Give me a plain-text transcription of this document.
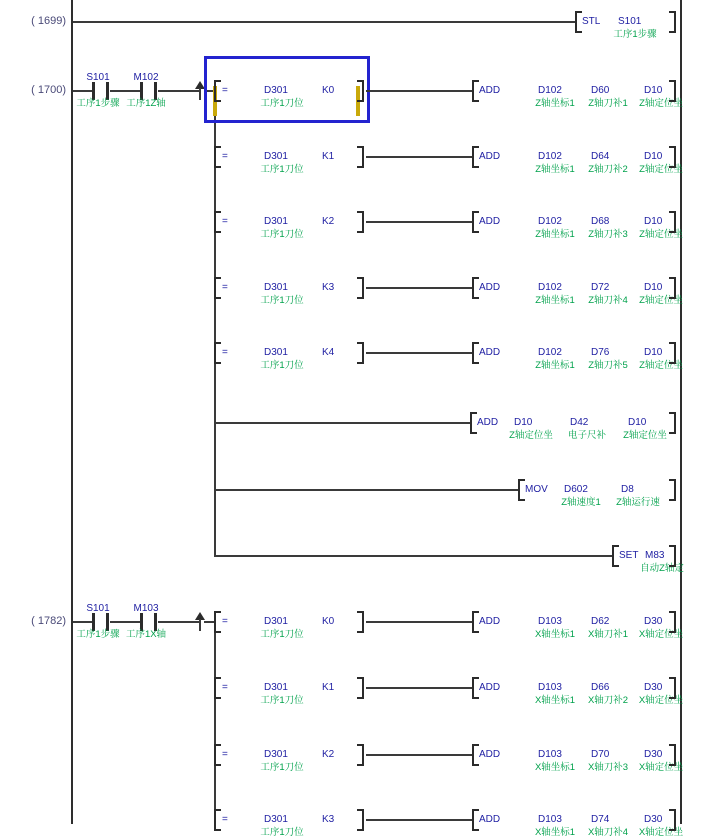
( 1699)	STL S101
工序1步骤
( 1700)
S101	M102
工序1步骤 工序1Z轴
=	D301	K0
工序1刀位
ADD	D102
Z轴坐标1
D60
Z轴刀补1
D10
Z轴定位坐
=	D301	K1
工序1刀位
ADD	D102
Z轴坐标1
D64
Z轴刀补2
D10
Z轴定位坐
=	D301	K2
工序1刀位
ADD	D102
Z轴坐标1
D68
Z轴刀补3
D10
Z轴定位坐
=	D301	K3
工序1刀位
ADD	D102
Z轴坐标1
D72
Z轴刀补4
D10
Z轴定位坐
=	D301	K4
工序1刀位
ADD	D102
Z轴坐标1
D76
Z轴刀补5
D10
Z轴定位坐
ADD D10
Z轴定位坐
D42
电子尺补
D10
Z轴定位坐
MOV D602
Z轴速度1
D8
Z轴运行速
SET M83
自动Z轴定
( 1782)
S101	M103
工序1步骤 工序1X轴
=	D301	K0
工序1刀位
ADD	D103
X轴坐标1
D62
X轴刀补1
D30
X轴定位坐
=	D301	K1
工序1刀位
ADD	D103
X轴坐标1
D66
X轴刀补2
D30
X轴定位坐
=	D301	K2
工序1刀位
ADD	D103
X轴坐标1
D70
X轴刀补3
D30
X轴定位坐
=	D301	K3
工序1刀位
ADD	D103
X轴坐标1
D74
X轴刀补4
D30
X轴定位坐
